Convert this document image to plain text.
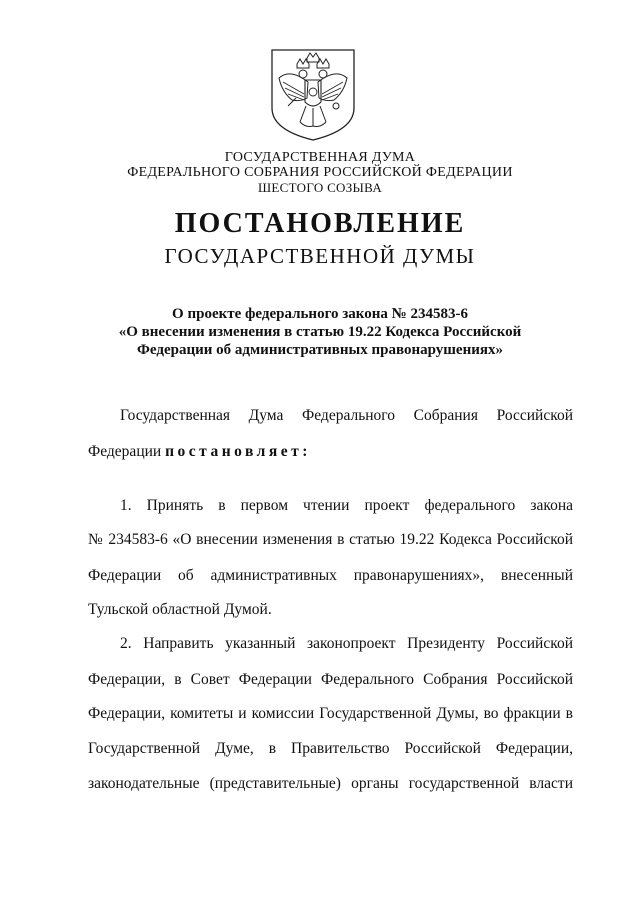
ГОСУДАРСТВЕННАЯ ДУМА
ФЕДЕРАЛЬНОГО СОБРАНИЯ РОССИЙСКОЙ ФЕДЕРАЦИИ
ШЕСТОГО СОЗЫВА
ПОСТАНОВЛЕНИЕ
ГОСУДАРСТВЕННОЙ ДУМЫ
О проекте федерального закона № 234583-6
«О внесении изменения в статью 19.22 Кодекса Российской
Федерации об административных правонарушениях»
Государственная Дума Федерального Собрания Российской
Федерации постановляет:
1. Принять в первом чтении проект федерального закона
№ 234583-6 «О внесении изменения в статью 19.22 Кодекса Российской
Федерации об административных правонарушениях», внесенный
Тульской областной Думой.
2. Направить указанный законопроект Президенту Российской
Федерации, в Совет Федерации Федерального Собрания Российской
Федерации, комитеты и комиссии Государственной Думы, во фракции в
Государственной Думе, в Правительство Российской Федерации,
законодательные (представительные) органы государственной власти
